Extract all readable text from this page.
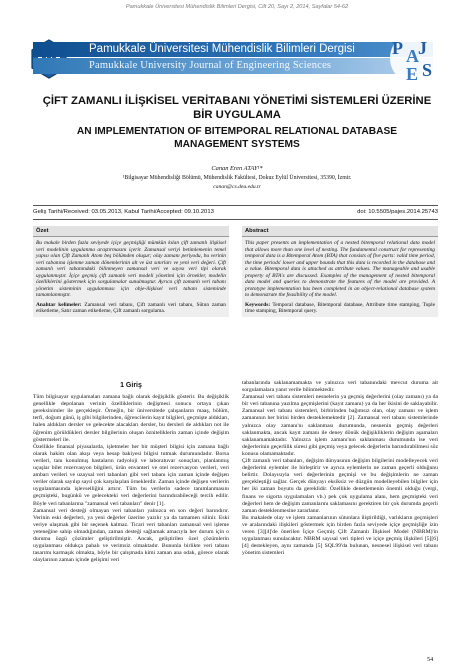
Pamukkale Üniversitesi Mühendislik Bilimleri Dergisi, Cilt 20, Sayı 2, 2014, Sayfalar 54-62
Pamukkale Üniversitesi Mühendislik Bilimleri Dergisi
Pamukkale University Journal of Engineering Sciences
P A J
E S
ÇİFT ZAMANLI İLİŞKİSEL VERİTABANI YÖNETİMİ SİSTEMLERİ ÜZERİNE BİR UYGULAMA
AN IMPLEMENTATION OF BITEMPORAL RELATIONAL DATABASE MANAGEMENT SYSTEMS
Canan Eren ATAY¹*
¹Bilgisayar Mühendisliği Bölümü, Mühendislik Fakültesi, Dokuz Eylül Üniversitesi, 35390, İzmir.
canan@cs.deu.edu.tr
Geliş Tarihi/Received: 03.05.2013, Kabul Tarihi/Accepted: 09.10.2013	doi: 10.5505/pajes.2014.25743
Özet
Bu makale birden fazla seviyede içiçe geçmişliği mümkün kılan çift zamanlı ilişkisel veri modelinin uygulanma araştırmasını içerir. Zamansal veriyi betimlemenin temel yapısı olan Çift Zamanlı Atom beş bölümden oluşur; olay zamanı periyodu, bu verinin veri tabanına işlenme zaman dönemlerinin alt ve üst sınırları ve yeni veri değeri. Çift zamanlı veri tabanındaki bilinmeyen zamansal veri ve sayısı veri tipi olarak uygulanmıştır. İçiçe geçmiş çift zamanlı veri modeli yönetimi için örnekler, modelin özelliklerini göstermek için sorgulamalar sunulmuştur. Ayrıca çift zamanlı veri tabanı yönetim sisteminin uygulanması için obje-ilişkisel veri tabanı sisteminde tamamlanmıştır.
Anahtar kelimeler: Zamansal veri tabanı, Çift zamanlı veri tabanı, Sütun zaman etiketleme, Satır zaman etiketleme, Çift zamanlı sorgulama.
Abstract
This paper presents an implementation of a nested bitemporal relational data model that allows more than one level of nesting. The fundamental construct for representing temporal data is a Bitemporal Atom (BTA) that consists of five parts: valid time period, the time periods' lower and upper bounds that this data is recorded in the database and a value. Bitemporal data is attached as attribute values. The manageable and usable property of BTA's are discussed. Examples of the management of nested bitemporal data model and queries to demonstrate the features of the model are provided. A prototype implementation has been completed in an object-relational database system to demonstrate the feasibility of the model.
Keywords: Temporal database, Bitemporal database, Attribute time stamping, Tuple time stamping, Bitemporal query.
1 Giriş

Tüm bilgisayar uygulamaları zamana bağlı olarak değişiklik gösterir. Bu değişiklik genellikle depolanan verinin özelliklerinin değişmesi sonucu ortaya çıkan gereksinimler ile gerçekleşir. Örneğin, bir üniversitede çalışanların maaş, bölüm, terfi, doğum günü, iş gibi bilgilerinden, öğrencilerin kayıt bilgileri, geçmişte aldıkları, halen aldıkları dersler ve gelecekte alacakları dersler, bu dersleri de aldıkları not ile öğrenim görüldükleri dersler bilgilerinin oluşan özniteliklerin zaman içinde değişim göstermeleri ile.

Özellikle finansal piyasalarda, işletmeler her bir müşteri bilgisi için zamana bağlı olarak hakim olan akışı veya hesap bakiyesi bilgisi tutmak durumundadır. Borsa verileri, tanı konulmuş hastaların radyoloji ve laboratuvar sonuçları, planlanmış uçuşlar bilet rezervasyon bilgileri, ürün envanteri ve otel rezervasyon verileri, veri ambarı verileri ve uzaysal veri tabanları gibi veri tabanı için zaman içinde değişen veriler olarak sayılıp sayıl çok karşılaşılan örneklerdir. Zaman içinde değişen verilerin uygulanmasında işlevselliğini artırır. Tüm bu verilerin sadece tanımlanmasını geçmişteki, bugünkü ve gelecekteki veri değerlerini barındırabileceği tercih edilir. Böyle veri tabanlarına "zamansal veri tabanları" denir [1].

Zamansal veri desteği olmayan veri tabanları yalnızca en son değeri barındırır. Verinin eski değerleri, ya yeni değerler üzerine yazılır ya da tamamen silinir. Eski veriye ulaşmak gibi bir seçenek kalmaz. Ticari veri tabanları zamansal veri işleme yeteneğine sahip olmadığından, zaman desteği sağlamak amacıyla her durum için o duruma özgü çözümler geliştirilmiştir. Ancak, geliştirilen özel çözümlerin uygulanması oldukça pahalı ve verimsiz olmaktadır. Bununla birlikte veri tabanı tasarımı karmaşık olmakta, böyle bir çalışmada kimi zaman ana odak, görece olarak olaylarının zaman içinde gelişimi veri

tabanlarında saklanamamakta ve yalnızca veri tabanındaki mevcut duruma ait sorgulamalara yanıt verile bilinmektedir.

Zamansal veri tabanı sistemleri nesnelerin ya geçmiş değerlerini (olay zamanı) ya da bir veri tabanına yazılma geçmişlerini (kayıt zamanı) ya da her ikisini de saklayabilir. Zamansal veri tabanı sistemleri, birbirinden bağımsız olan, olay zamanı ve işlem zamanının her birini birden desteklemektedir [2]. Zamansal veri tabanı sistemlerinde yalnızca olay zamanı'nı saklanması durumunda, nesnenin geçmiş değerleri saklanmakta, ancak kayıt zamanı ile deney dönük değişikliklerin değişim aşamaları saklanamamaktadır. Yalnızca işlem zamanı'nın saklanması durumunda ise veri değerlerinin geçerlilik süresi gibi geçmiş veya gelecek değerlerin barındırabilmesi söz konusu olamamaktadır.

Çift zamanlı veri tabanları, değişim dünyasının değişim bilgilerini modelleyecek veri değerlerini eylemler ile birleştirir ve ayrıca eylemlerin ne zaman geçerli olduğunu belirtir. Dolayısıyla veri değerlerinin geçmişi ve bu değişimlerin ne zaman gerçekleştiği sağlar. Gerçek dünyayı eksiksiz ve düzgün modelleyebilen bilgiler için her iki zaman boyutu da gereklidir. Özellikle denetlemenin önemli olduğu (vergi, finans ve sigorta uygulamaları vb.) pek çok uygulama alanı, hem geçmişteki veri değerleri hem de değişim zamanlarını saklamasını gerektiren bir çok durumda geçerli zaman desteklenmesine zararlanır.

Bu makalede olay ve işlem zamanlarının sütunlara iliştirildiği, varlıkların geçmişleri ve aralarındaki ilişkileri göstermek için birden fazla seviyede içiçe geçmişliğe izin veren [3][4]'de önerilen İçiçe Geçmiş Çift Zamanlı İlişkisel Model (NBRM)'in uygulanması sunulacaktır. NBRM sayısal veri tipleri ve içiçe geçmiş ilişkileri [5][6][4] destekleyen, aynı zamanda [5] SQL99'da bulunan, nesnesel ilişkisel veri tabanı yönetim sistemleri

54
